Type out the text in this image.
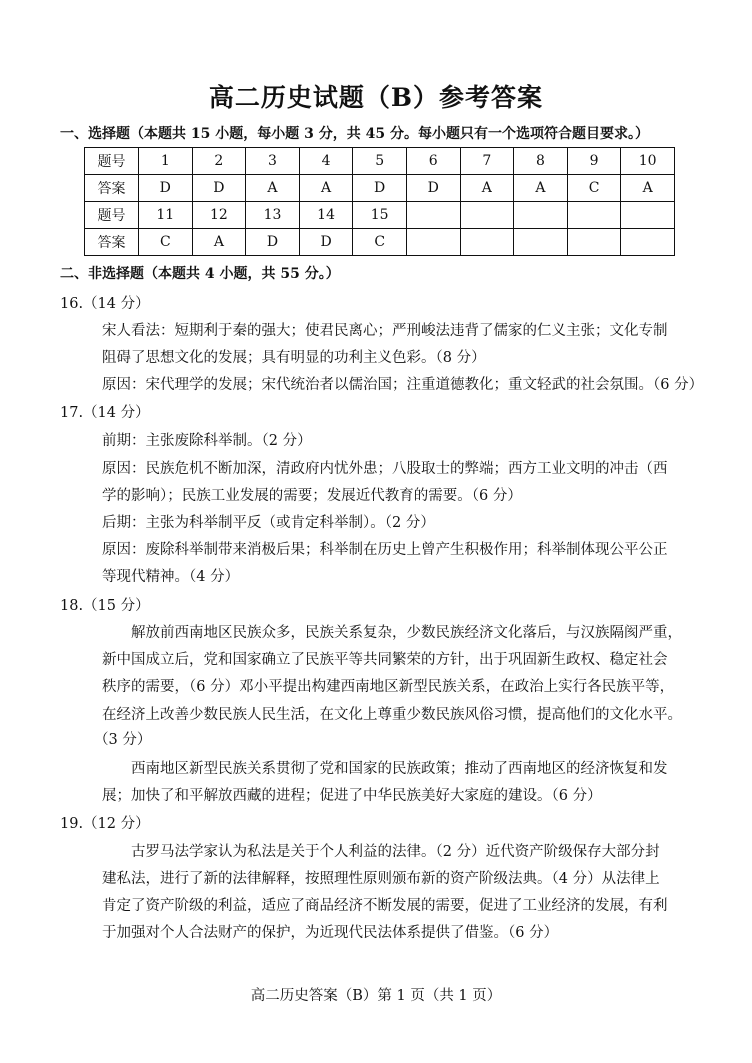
高二历史试题（B）参考答案
一、选择题（本题共 15 小题，每小题 3 分，共 45 分。每小题只有一个选项符合题目要求。）
题号	1	2	3	4	5	6	7	8	9	10
答案	D	D	A	A	D	D	A	A	C	A
题号	11	12	13	14	15					
答案	C	A	D	D	C					
二、非选择题（本题共 4 小题，共 55 分。）
16.（14 分）
宋人看法：短期利于秦的强大；使君民离心；严刑峻法违背了儒家的仁义主张；文化专制
阻碍了思想文化的发展；具有明显的功利主义色彩。（8 分）
原因：宋代理学的发展；宋代统治者以儒治国；注重道德教化；重文轻武的社会氛围。（6 分）
17.（14 分）
前期：主张废除科举制。（2 分）
原因：民族危机不断加深，清政府内忧外患；八股取士的弊端；西方工业文明的冲击（西
学的影响）；民族工业发展的需要；发展近代教育的需要。（6 分）
后期：主张为科举制平反（或肯定科举制）。（2 分）
原因：废除科举制带来消极后果；科举制在历史上曾产生积极作用；科举制体现公平公正
等现代精神。（4 分）
18.（15 分）
解放前西南地区民族众多，民族关系复杂，少数民族经济文化落后，与汉族隔阂严重，
新中国成立后，党和国家确立了民族平等共同繁荣的方针，出于巩固新生政权、稳定社会
秩序的需要，（6 分）邓小平提出构建西南地区新型民族关系，在政治上实行各民族平等，
在经济上改善少数民族人民生活，在文化上尊重少数民族风俗习惯，提高他们的文化水平。
（3 分）
西南地区新型民族关系贯彻了党和国家的民族政策；推动了西南地区的经济恢复和发
展；加快了和平解放西藏的进程；促进了中华民族美好大家庭的建设。（6 分）
19.（12 分）
古罗马法学家认为私法是关于个人利益的法律。（2 分）近代资产阶级保存大部分封
建私法，进行了新的法律解释，按照理性原则颁布新的资产阶级法典。（4 分）从法律上
肯定了资产阶级的利益，适应了商品经济不断发展的需要，促进了工业经济的发展，有利
于加强对个人合法财产的保护，为近现代民法体系提供了借鉴。（6 分）
高二历史答案（B）第 1 页（共 1 页）
